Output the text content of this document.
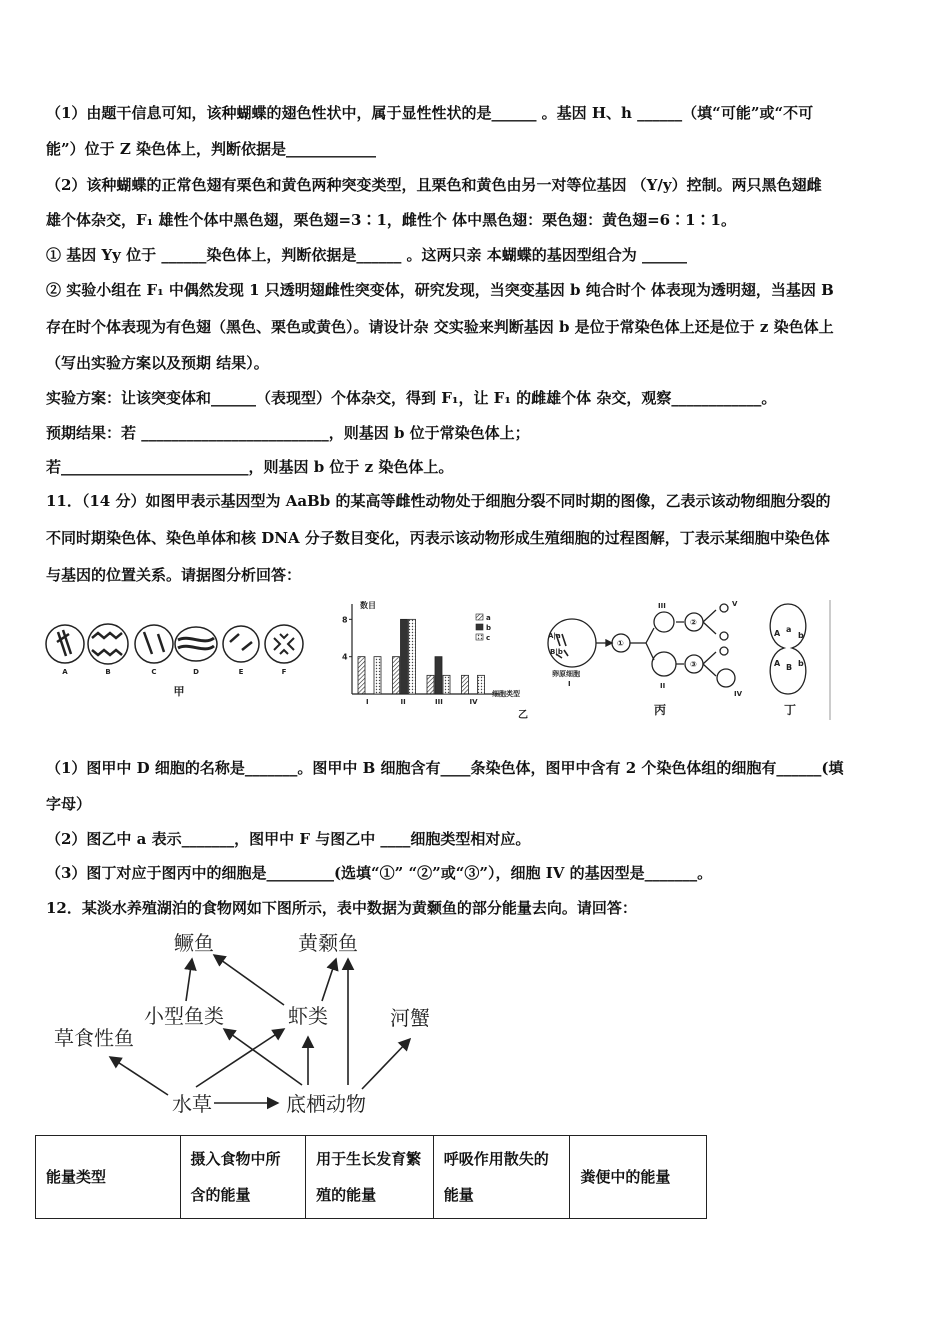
（1）由题干信息可知，该种蝴蝶的翅色性状中，属于显性性状的是______ 。基因 H、h ______（填“可能”或“不可
能”）位于 Z 染色体上，判断依据是____________
（2）该种蝴蝶的正常色翅有栗色和黄色两种突变类型，且栗色和黄色由另一对等位基因 （Y/y）控制。两只黑色翅雌
雄个体杂交，F₁ 雄性个体中黑色翅，栗色翅=3∶1，雌性个 体中黑色翅：栗色翅：黄色翅=6∶1∶1。
① 基因 Yy 位于 ______染色体上，判断依据是______ 。这两只亲 本蝴蝶的基因型组合为 ______
② 实验小组在 F₁ 中偶然发现 1 只透明翅雌性突变体，研究发现，当突变基因 b 纯合时个 体表现为透明翅，当基因 B
存在时个体表现为有色翅（黑色、栗色或黄色）。请设计杂 交实验来判断基因 b 是位于常染色体上还是位于 z 染色体上
（写出实验方案以及预期 结果）。
实验方案：让该突变体和______（表现型）个体杂交，得到 F₁，让 F₁ 的雌雄个体 杂交，观察____________。
预期结果：若 _________________________，则基因 b 位于常染色体上；
若_________________________，则基因 b 位于 z 染色体上。
11．（14 分）如图甲表示基因型为 AaBb 的某高等雌性动物处于细胞分裂不同时期的图像，乙表示该动物细胞分裂的
不同时期染色体、染色单体和核 DNA 分子数目变化，丙表示该动物形成生殖细胞的过程图解，丁表示某细胞中染色体
与基因的位置关系。请据图分析回答：
A	B	C	D	E	F
甲
8
4
I	II	III	IV
a
b
c
数目
细胞类型
乙
A|a
B|b
卵原细胞
I
①
②
③
III
II
V
IV
A a
b
A B b
丙	丁
（1）图甲中 D 细胞的名称是_______。图甲中 B 细胞含有____条染色体，图甲中含有 2 个染色体组的细胞有______(填
字母）
（2）图乙中 a 表示_______，图甲中 F 与图乙中 ____细胞类型相对应。
（3）图丁对应于图丙中的细胞是_________(选填“①” “②”或“③”），细胞 IV 的基因型是_______。
12．某淡水养殖湖泊的食物网如下图所示，表中数据为黄颡鱼的部分能量去向。请回答：
鳜鱼	黄颡鱼
小型鱼类	虾类	河蟹
草食性鱼
水草	底栖动物
能量类型	摄入食物中所含的能量	用于生长发育繁殖的能量	呼吸作用散失的能量	粪便中的能量
